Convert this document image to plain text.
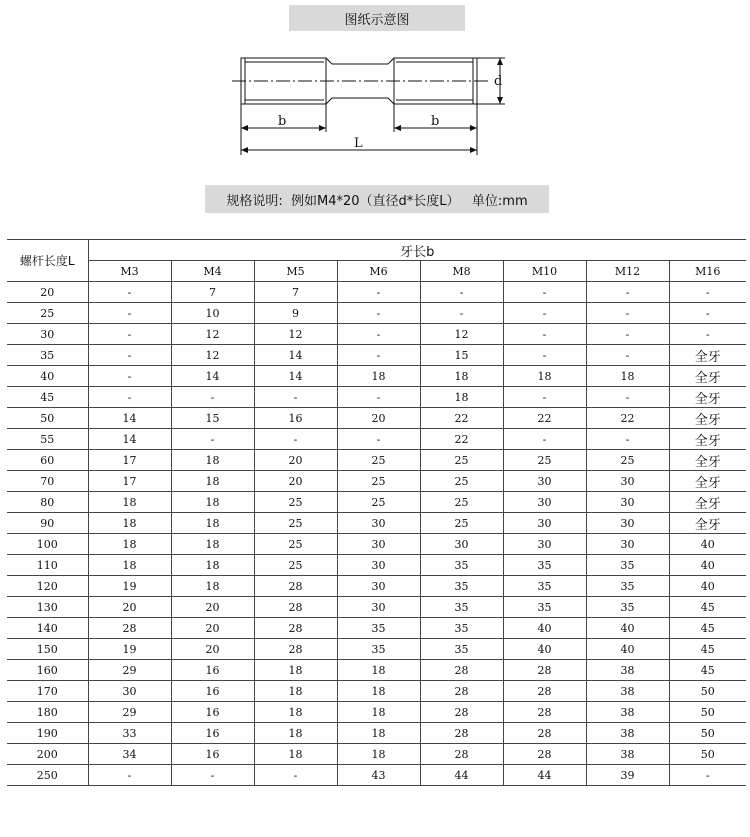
图纸示意图
b	b
L
d
规格说明:  例如M4*20（直径d*长度L）   单位:mm
螺杆长度L	牙长b							
	M3	M4	M5	M6	M8	M10	M12	M16
20	-	7	7	-	-	-	-	-
25	-	10	9	-	-	-	-	-
30	-	12	12	-	12	-	-	-
35	-	12	14	-	15	-	-	全牙
40	-	14	14	18	18	18	18	全牙
45	-	-	-	-	18	-	-	全牙
50	14	15	16	20	22	22	22	全牙
55	14	-	-	-	22	-	-	全牙
60	17	18	20	25	25	25	25	全牙
70	17	18	20	25	25	30	30	全牙
80	18	18	25	25	25	30	30	全牙
90	18	18	25	30	25	30	30	全牙
100	18	18	25	30	30	30	30	40
110	18	18	25	30	35	35	35	40
120	19	18	28	30	35	35	35	40
130	20	20	28	30	35	35	35	45
140	28	20	28	35	35	40	40	45
150	19	20	28	35	35	40	40	45
160	29	16	18	18	28	28	38	45
170	30	16	18	18	28	28	38	50
180	29	16	18	18	28	28	38	50
190	33	16	18	18	28	28	38	50
200	34	16	18	18	28	28	38	50
250	-	-	-	43	44	44	39	-
